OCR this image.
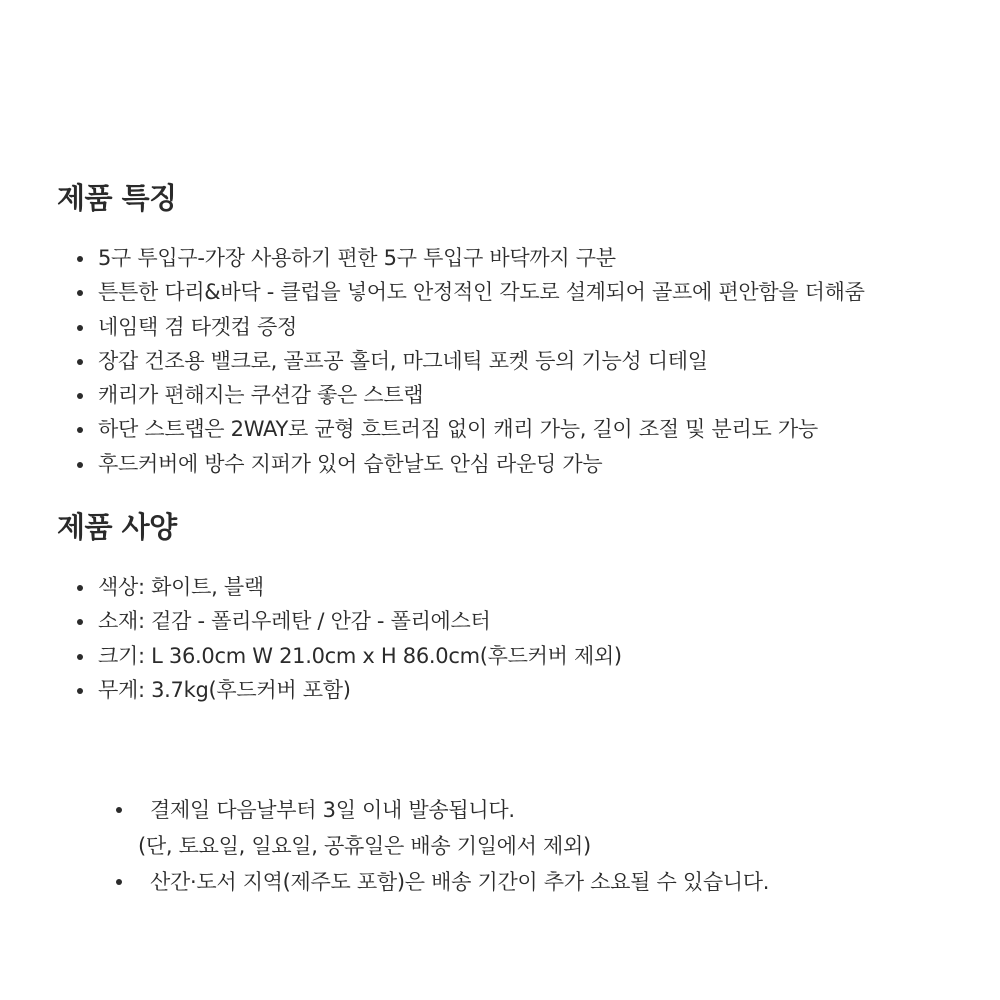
제품 특징
5구 투입구-가장 사용하기 편한 5구 투입구 바닥까지 구분
튼튼한 다리&바닥 - 클럽을 넣어도 안정적인 각도로 설계되어 골프에 편안함을 더해줌
네임택 겸 타겟컵 증정
장갑 건조용 밸크로, 골프공 홀더, 마그네틱 포켓 등의 기능성 디테일
캐리가 편해지는 쿠션감 좋은 스트랩
하단 스트랩은 2WAY로 균형 흐트러짐 없이 캐리 가능, 길이 조절 및 분리도 가능
후드커버에 방수 지퍼가 있어 습한날도 안심 라운딩 가능
제품 사양
색상: 화이트, 블랙
소재: 겉감 - 폴리우레탄 / 안감 - 폴리에스터
크기: L 36.0cm W 21.0cm x H 86.0cm(후드커버 제외)
무게: 3.7kg(후드커버 포함)
결제일 다음날부터 3일 이내 발송됩니다.
(단, 토요일, 일요일, 공휴일은 배송 기일에서 제외)
산간·도서 지역(제주도 포함)은 배송 기간이 추가 소요될 수 있습니다.
